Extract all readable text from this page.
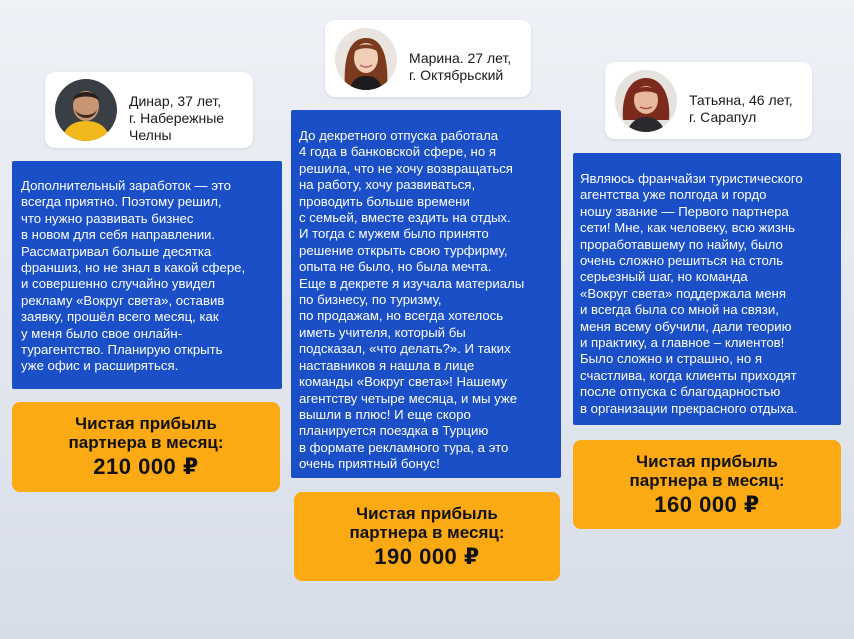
Динар, 37 лет,
г. Набережные
Челны

Дополнительный заработок — это
всегда приятно. Поэтому решил,
что нужно развивать бизнес
в новом для себя направлении.
Рассматривал больше десятка
франшиз, но не знал в какой сфере,
и совершенно случайно увидел
рекламу «Вокруг света», оставив
заявку, прошёл всего месяц, как
у меня было свое онлайн-
турагентство. Планирую открыть
уже офис и расширяться.
Чистая прибыль
партнера в месяц:
210 000 ₽

Марина. 27 лет,
г. Октябрьский

До декретного отпуска работала
4 года в банковской сфере, но я
решила, что не хочу возвращаться
на работу, хочу развиваться,
проводить больше времени
с семьей, вместе ездить на отдых.
И тогда с мужем было принято
решение открыть свою турфирму,
опыта не было, но была мечта.
Еще в декрете я изучала материалы
по бизнесу, по туризму,
по продажам, но всегда хотелось
иметь учителя, который бы
подсказал, «что делать?». И таких
наставников я нашла в лице
команды «Вокруг света»! Нашему
агентству четыре месяца, и мы уже
вышли в плюс! И еще скоро
планируется поездка в Турцию
в формате рекламного тура, а это
очень приятный бонус!
Чистая прибыль
партнера в месяц:
190 000 ₽

Татьяна, 46 лет,
г. Сарапул

Являюсь франчайзи туристического
агентства уже полгода и гордо
ношу звание — Первого партнера
сети! Мне, как человеку, всю жизнь
проработавшему по найму, было
очень сложно решиться на столь
серьезный шаг, но команда
«Вокруг света» поддержала меня
и всегда была со мной на связи,
меня всему обучили, дали теорию
и практику, а главное – клиентов!
Было сложно и страшно, но я
счастлива, когда клиенты приходят
после отпуска с благодарностью
в организации прекрасного отдыха.
Чистая прибыль
партнера в месяц:
160 000 ₽
